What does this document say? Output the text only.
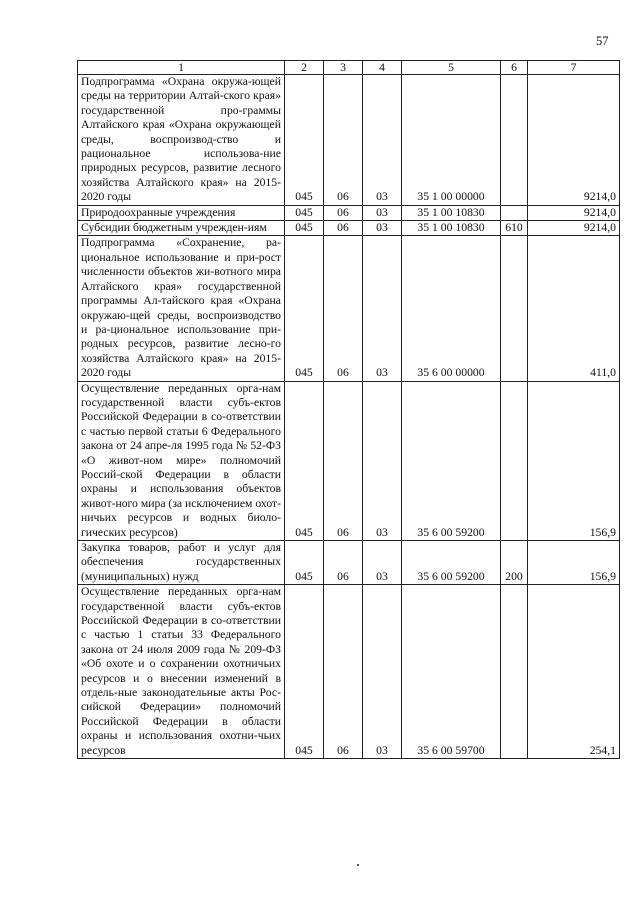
57
1	2	3	4	5	6	7
Подпрограмма «Охрана окружа-ющей среды на территории Алтай-ского края» государственной про-граммы Алтайского края «Охрана окружающей среды, воспроизвод-ство и рациональное использова-ние природных ресурсов, развитие лесного хозяйства Алтайского края» на 2015-2020 годы	045	06	03	35 1 00 00000		9214,0
Природоохранные учреждения	045	06	03	35 1 00 10830		9214,0
Субсидии бюджетным учрежден-иям	045	06	03	35 1 00 10830	610	9214,0
Подпрограмма «Сохранение, ра-циональное использование и при-рост численности объектов жи-вотного мира Алтайского края» государственной программы Ал-тайского края «Охрана окружаю-щей среды, воспроизводство и ра-циональное использование при-родных ресурсов, развитие лесно-го хозяйства Алтайского края» на 2015-2020 годы	045	06	03	35 6 00 00000		411,0
Осуществление переданных орга-нам государственной власти субъ-ектов Российской Федерации в со-ответствии с частью первой статьи 6 Федерального закона от 24 апре-ля 1995 года № 52-ФЗ «О живот-ном мире» полномочий Россий-ской Федерации в области охраны и использования объектов живот-ного мира (за исключением охот-ничьих ресурсов и водных биоло-гических ресурсов)	045	06	03	35 6 00 59200		156,9
Закупка товаров, работ и услуг для обеспечения государственных (муниципальных) нужд	045	06	03	35 6 00 59200	200	156,9
Осуществление переданных орга-нам государственной власти субъ-ектов Российской Федерации в со-ответствии с частью 1 статьи 33 Федерального закона от 24 июля 2009 года № 209-ФЗ «Об охоте и о сохранении охотничьих ресурсов и о внесении изменений в отдель-ные законодательные акты Рос-сийской Федерации» полномочий Российской Федерации в области охраны и использования охотни-чьих ресурсов	045	06	03	35 6 00 59700		254,1
